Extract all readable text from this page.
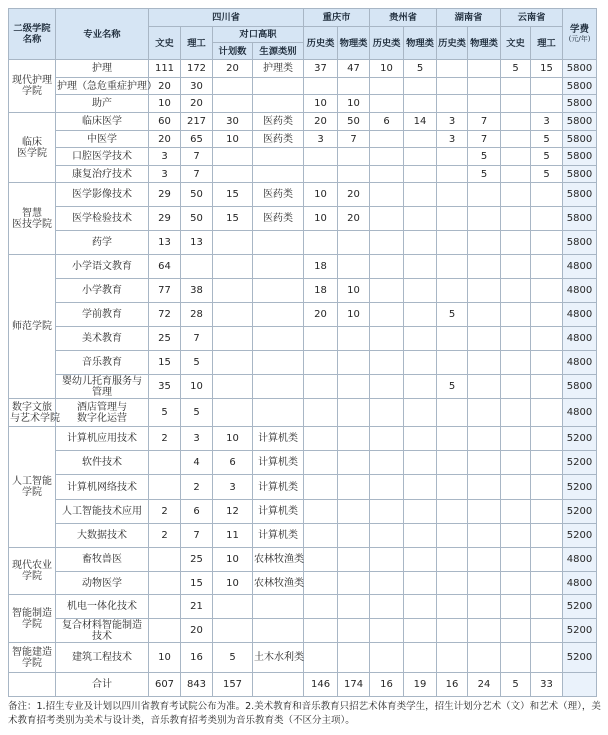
二级学院
名称	专业名称	四川省				重庆市		贵州省		湖南省		云南省		学费
(元/年)

		文史	理工	对口高职		历史类	物理类	历史类	物理类	历史类	物理类	文史	理工	
				计划数	生源类别									
现代护理
学院	护理	111	172	20	护理类	37	47	10	5			5	15	5800
	护理（急危重症护理）	20	30											5800
	助产	10	20			10	10							5800
临床
医学院	临床医学	60	217	30	医药类	20	50	6	14	3	7		3	5800
	中医学	20	65	10	医药类	3	7			3	7		5	5800
	口腔医学技术	3	7								5		5	5800
	康复治疗技术	3	7								5		5	5800
智慧
医技学院	医学影像技术	29	50	15	医药类	10	20							5800
	医学检验技术	29	50	15	医药类	10	20							5800
	药学	13	13											5800
师范学院	小学语文教育	64				18								4800
	小学教育	77	38			18	10							4800
	学前教育	72	28			20	10			5				4800
	美术教育	25	7											4800
	音乐教育	15	5											4800
	婴幼儿托育服务与
管理	35	10							5				5800
数字文旅
与艺术学院	酒店管理与
数字化运营	5	5											4800
人工智能
学院	计算机应用技术	2	3	10	计算机类									5200
	软件技术		4	6	计算机类									5200
	计算机网络技术		2	3	计算机类									5200
	人工智能技术应用	2	6	12	计算机类									5200
	大数据技术	2	7	11	计算机类									5200
现代农业
学院	畜牧兽医		25	10	农林牧渔类									4800
	动物医学		15	10	农林牧渔类									4800
智能制造
学院	机电一体化技术		21											5200
	复合材料智能制造
技术		20											5200
智能建造
学院	建筑工程技术	10	16	5	土木水利类									5200
	合计	607	843	157		146	174	16	19	16	24	5	33	
备注：1.招生专业及计划以四川省教育考试院公布为准。2.美术教育和音乐教育只招艺术体育类学生，招生计划分艺术（文）和艺术（理），美术教育招考类别为美术与设计类，音乐教育招考类别为音乐教育类（不区分主项）。
